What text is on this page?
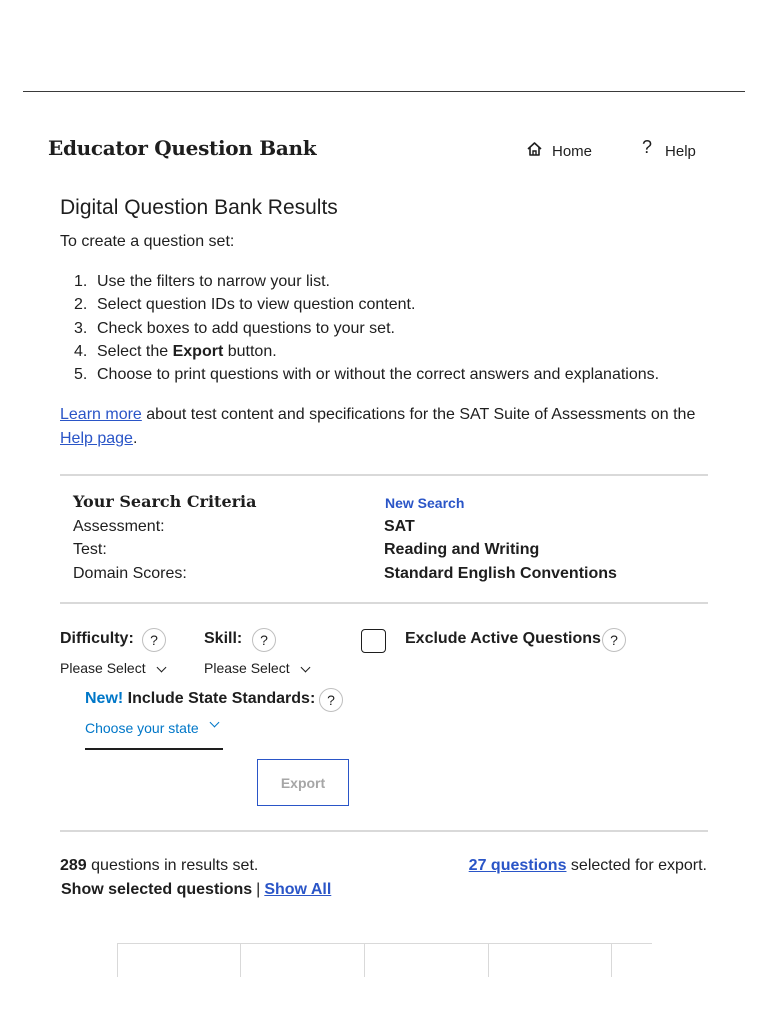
Educator Question Bank	Home	? Help
Digital Question Bank Results

To create a question set:

1. Use the filters to narrow your list.
2. Select question IDs to view question content.
3. Check boxes to add questions to your set.
4. Select the Export button.
5. Choose to print questions with or without the correct answers and explanations.

Learn more about test content and specifications for the SAT Suite of Assessments on the Help page.

Your Search Criteria	New Search
Assessment:	SAT
Test:	Reading and Writing
Domain Scores:	Standard English Conventions
Difficulty:	?
Please Select
Skill:	?
Please Select
Exclude Active Questions ?
New! Include State Standards: ?
Choose your state
Export
289 questions in results set.	27 questions selected for export.
Show selected questions | Show All
